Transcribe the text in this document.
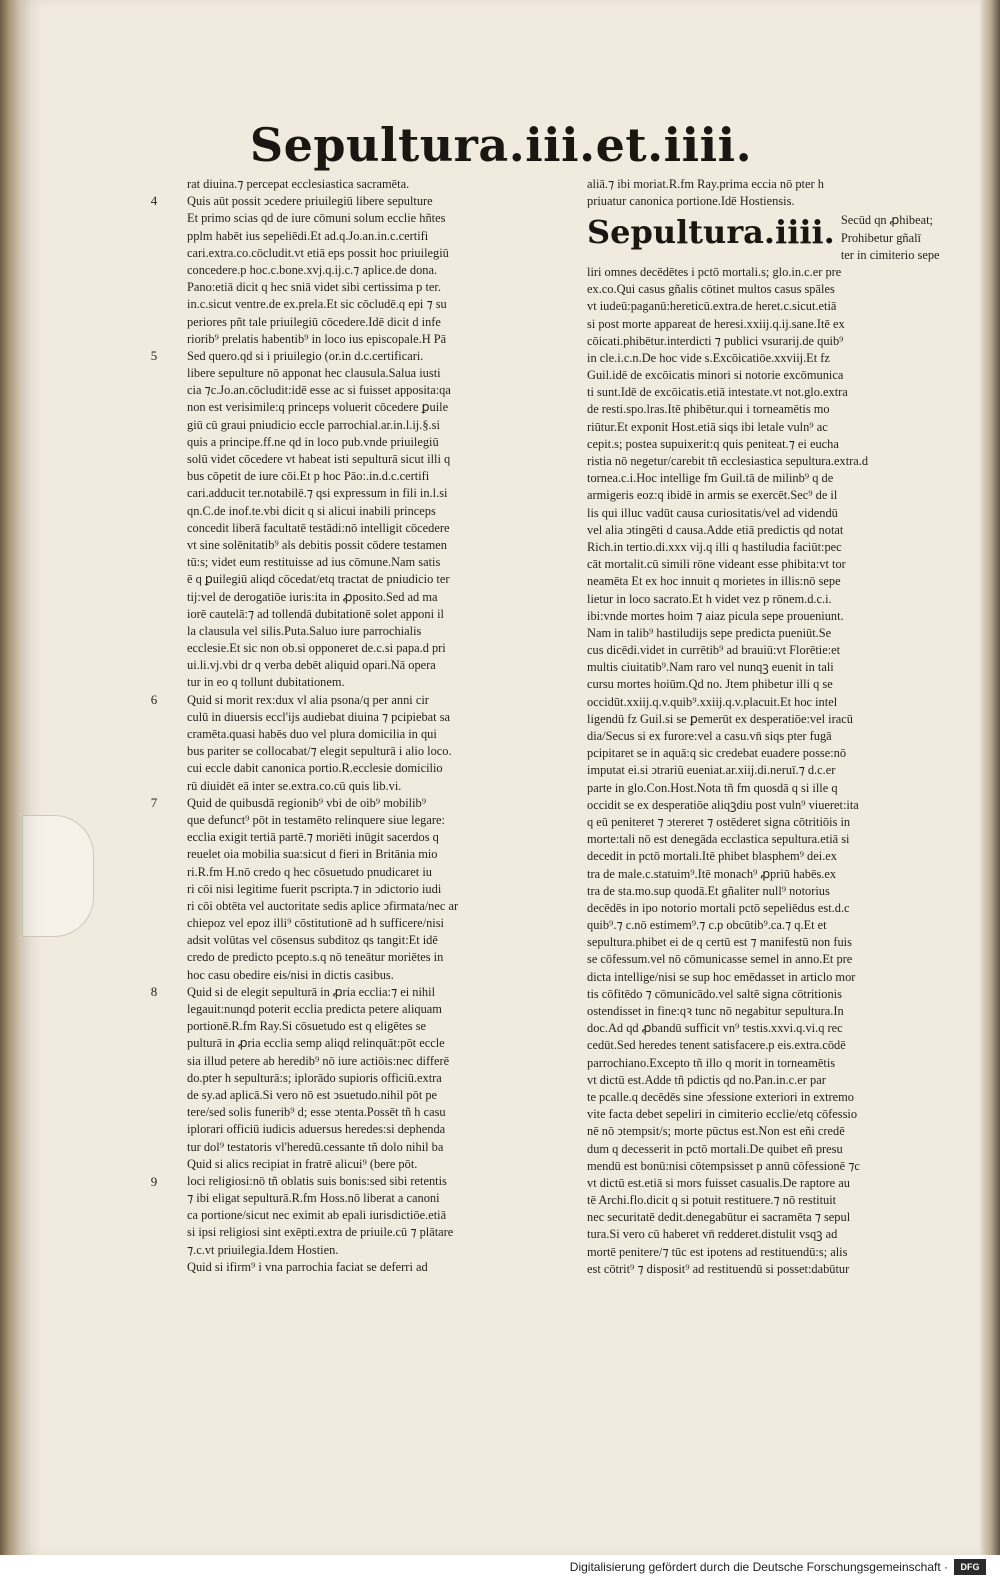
Sepultura.iii.et.iiii.
rat diuina.⁊ percepat ecclesiastica sacramēta.
Quis aūt possit ↄcedere priuilegiū libere sepulture
Et primo scias qd de iure cōmuni solum ecclie hñtes
pplm habēt ius sepeliēdi.Et ad.q.Jo.an.in.c.certifi
cari.extra.co.cōcludit.vt etiā eps possit hoc priuilegiū
concedere.p hoc.c.bone.xvj.q.ij.c.⁊ aplice.de dona.
Pano:etiā dicit q hec sniā videt sibi certissima p ter.
in.c.sicut ventre.de ex.prela.Et sic cōcludē.q epi ⁊ su
periores pñt tale priuilegiū cōcedere.Idē dicit d infe
riorib⁹ prelatis habentib⁹ in loco ius episcopale.H Pā
Sed quero.qd si i priuilegio (or.in d.c.certificari.
libere sepulture nō apponat hec clausula.Salua iusti
cia ⁊c.Jo.an.cōcludit:idē esse ac si fuisset apposita:qa
non est verisimile:q princeps voluerit cōcedere ꝑuile
giū cū graui pniudicio eccle parrochial.ar.in.l.ij.§.si
quis a principe.ff.ne qd in loco pub.vnde priuilegiū
solū videt cōcedere vt habeat isti sepulturā sicut illi q
bus cōpetit de iure cōi.Et p hoc Pāo:.in.d.c.certifi
cari.adducit ter.notabilē.⁊ qsi expressum in fili in.l.si
qn.C.de inof.te.vbi dicit q si alicui inabili princeps
concedit liberā facultatē testādi:nō intelligit cōcedere
vt sine solēnitatib⁹ als debitis possit cōdere testamen
tū:s; videt eum restituisse ad ius cōmune.Nam satis
ē q ꝑuilegiū aliqd cōcedat/etq tractat de pniudicio ter
tij:vel de derogatiōe iuris:ita in ꝓposito.Sed ad ma
iorē cautelā:⁊ ad tollendā dubitationē solet apponi il
la clausula vel silis.Puta.Saluo iure parrochialis
ecclesie.Et sic non ob.si opponeret de.c.si papa.d pri
ui.li.vj.vbi dr q verba debēt aliquid opari.Nā opera
tur in eo q tollunt dubitationem.
Quid si morit rex:dux vl alia psona/q per anni cir
culū in diuersis eccl'ijs audiebat diuina ⁊ pcipiebat sa
cramēta.quasi habēs duo vel plura domicilia in qui
bus pariter se collocabat/⁊ elegit sepulturā i alio loco.
cui eccle dabit canonica portio.R.ecclesie domicilio
rū diuidēt eā inter se.extra.co.cū quis lib.vi.
Quid de quibusdā regionib⁹ vbi de oib⁹ mobilib⁹
que defunct⁹ pōt in testamēto relinquere siue legare:
ecclia exigit tertiā partē.⁊ moriēti inūgit sacerdos q
reuelet oia mobilia sua:sicut d fieri in Britānia mio
ri.R.fm H.nō credo q hec cōsuetudo pnudicaret iu
ri cōi nisi legitime fuerit pscripta.⁊ in ↄdictorio iudi
ri cōi obtēta vel auctoritate sedis aplice ↄfirmata/nec ar
chiepoz vel epoz illi⁹ cōstitutionē ad h sufficere/nisi
adsit volūtas vel cōsensus subditoz qs tangit:Et idē
credo de predicto pcepto.s.q nō teneātur moriētes in
hoc casu obedire eis/nisi in dictis casibus.
Quid si de elegit sepulturā in ꝓria ecclia:⁊ ei nihil
legauit:nunqd poterit ecclia predicta petere aliquam
portionē.R.fm Ray.Si cōsuetudo est q eligētes se
pulturā in ꝓria ecclia semp aliqd relinquāt:pōt eccle
sia illud petere ab heredib⁹ nō iure actiōis:nec differē
do.pter h sepulturā:s; iplorādo supioris officiū.extra
de sy.ad aplicā.Si vero nō est ↄsuetudo.nihil pōt pe
tere/sed solis funerib⁹ d; esse ↄtenta.Possēt tñ h casu
iplorari officiū iudicis aduersus heredes:si dephenda
tur dol⁹ testatoris vl'heredū.cessante tñ dolo nihil ba
Quid si alics recipiat in fratrē alicui⁹ (bere pōt.
loci religiosi:nō tñ oblatis suis bonis:sed sibi retentis
⁊ ibi eligat sepulturā.R.fm Hoss.nō liberat a canoni
ca portione/sicut nec eximit ab epali iurisdictiōe.etiā
si ipsi religiosi sint exēpti.extra de priuile.cū ⁊ plātare
⁊.c.vt priuilegia.Idem Hostien.
Quid si ifirm⁹ i vna parrochia faciat se deferri ad
aliā.⁊ ibi moriat.R.fm Ray.prima eccia nō pter h
priuatur canonica portione.Idē Hostiensis.
Sepultura.iiii. Secūd qn ꝓhibeat;
Prohibetur gñalī
ter in cimiterio sepe
liri omnes decēdētes i pctō mortali.s; glo.in.c.er pre
ex.co.Qui casus gñalis cōtinet multos casus spāles
vt iudeū:paganū:hereticū.extra.de heret.c.sicut.etiā
si post morte appareat de heresi.xxiij.q.ij.sane.Itē ex
cōicati.phibētur.interdicti ⁊ publici vsurarij.de quib⁹
in cle.i.c.n.De hoc vide s.Excōicatiōe.xxviij.Et fz
Guil.idē de excōicatis minori si notorie excōmunica
ti sunt.Idē de excōicatis.etiā intestate.vt not.glo.extra
de resti.spo.lras.Itē phibētur.qui i torneamētis mo
riūtur.Et exponit Host.etiā siqs ibi letale vuln⁹ ac
cepit.s; postea supuixerit:q quis peniteat.⁊ ei eucha
ristia nō negetur/carebit tñ ecclesiastica sepultura.extra.d
tornea.c.i.Hoc intellige fm Guil.tā de milinb⁹ q de
armigeris eoz:q ibidē in armis se exercēt.Sec⁹ de il
lis qui illuc vadūt causa curiositatis/vel ad videndū
vel alia ↄtingēti d causa.Adde etiā predictis qd notat
Rich.in tertio.di.xxx vij.q illi q hastiludia faciūt:pec
cāt mortalit.cū simili rōne videant esse phibita:vt tor
neamēta Et ex hoc innuit q morietes in illis:nō sepe
lietur in loco sacrato.Et h videt vez p rōnem.d.c.i.
ibi:vnde mortes hoim ⁊ aiaz picula sepe proueniunt.
Nam in talib⁹ hastiludijs sepe predicta pueniūt.Se
cus dicēdi.videt in currētib⁹ ad brauiū:vt Florētie:et
multis ciuitatib⁹.Nam raro vel nunqꝫ euenit in tali
cursu mortes hoiūm.Qd no. Jtem phibetur illi q se
occidūt.xxiij.q.v.quib⁹.xxiij.q.v.placuit.Et hoc intel
ligendū fz Guil.si se ꝑemerūt ex desperatiōe:vel iracū
dia/Secus si ex furore:vel a casu.vn̄ siqs pter fugā
pcipitaret se in aquā:q sic credebat euadere posse:nō
imputat ei.si ↄtrariū eueniat.ar.xiij.di.neruī.⁊ d.c.er
parte in glo.Con.Host.Nota tñ fm quosdā q si ille q
occidit se ex desperatiōe aliqꝫdiu post vuln⁹ viueret:ita
q eū peniteret ⁊ ↄtereret ⁊ ostēderet signa cōtritiōis in
morte:tali nō est denegāda ecclastica sepultura.etiā si
decedit in pctō mortali.Itē phibet blasphem⁹ dei.ex
tra de male.c.statuim⁹.Itē monach⁹ ꝓpriū habēs.ex
tra de sta.mo.sup quodā.Et gñaliter null⁹ notorius
decēdēs in ipo notorio mortali pctō sepeliēdus est.d.c
quib⁹.⁊ c.nō estimem⁹.⁊ c.p obcūtib⁹.ca.⁊ q.Et et
sepultura.phibet ei de q certū est ⁊ manifestū non fuis
se cōfessum.vel nō cōmunicasse semel in anno.Et pre
dicta intellige/nisi se sup hoc emēdasset in articlo mor
tis cōfitēdo ⁊ cōmunicādo.vel saltē signa cōtritionis
ostendisset in fine:qꝛ tunc nō negabitur sepultura.In
doc.Ad qd ꝓbandū sufficit vn⁹ testis.xxvi.q.vi.q rec
cedūt.Sed heredes tenent satisfacere.p eis.extra.cōdē
parrochiano.Excepto tñ illo q morit in torneamētis
vt dictū est.Adde tñ pdictis qd no.Pan.in.c.er par
te pcalle.q decēdēs sine ↄfessione exteriori in extremo
vite facta debet sepeliri in cimiterio ecclie/etq cōfessio
nē nō ↄtempsit/s; morte pūctus est.Non est eñi credē
dum q decesserit in pctō mortali.De quibet eñ presu
mendū est bonū:nisi cōtempsisset p annū cōfessionē ⁊c
vt dictū est.etiā si mors fuisset casualis.De raptore au
tē Archi.flo.dicit q si potuit restituere.⁊ nō restituit
nec securitatē dedit.denegabūtur ei sacramēta ⁊ sepul
tura.Si vero cū haberet vn̄ redderet.distulit vsqꝫ ad
mortē penitere/⁊ tūc est ipotens ad restituendū:s; alis
est cōtrit⁹ ⁊ disposit⁹ ad restituendū si posset:dabūtur
4
5
6
7
8
9
Digitalisierung gefördert durch die Deutsche Forschungsgemeinschaft ·	DFG
